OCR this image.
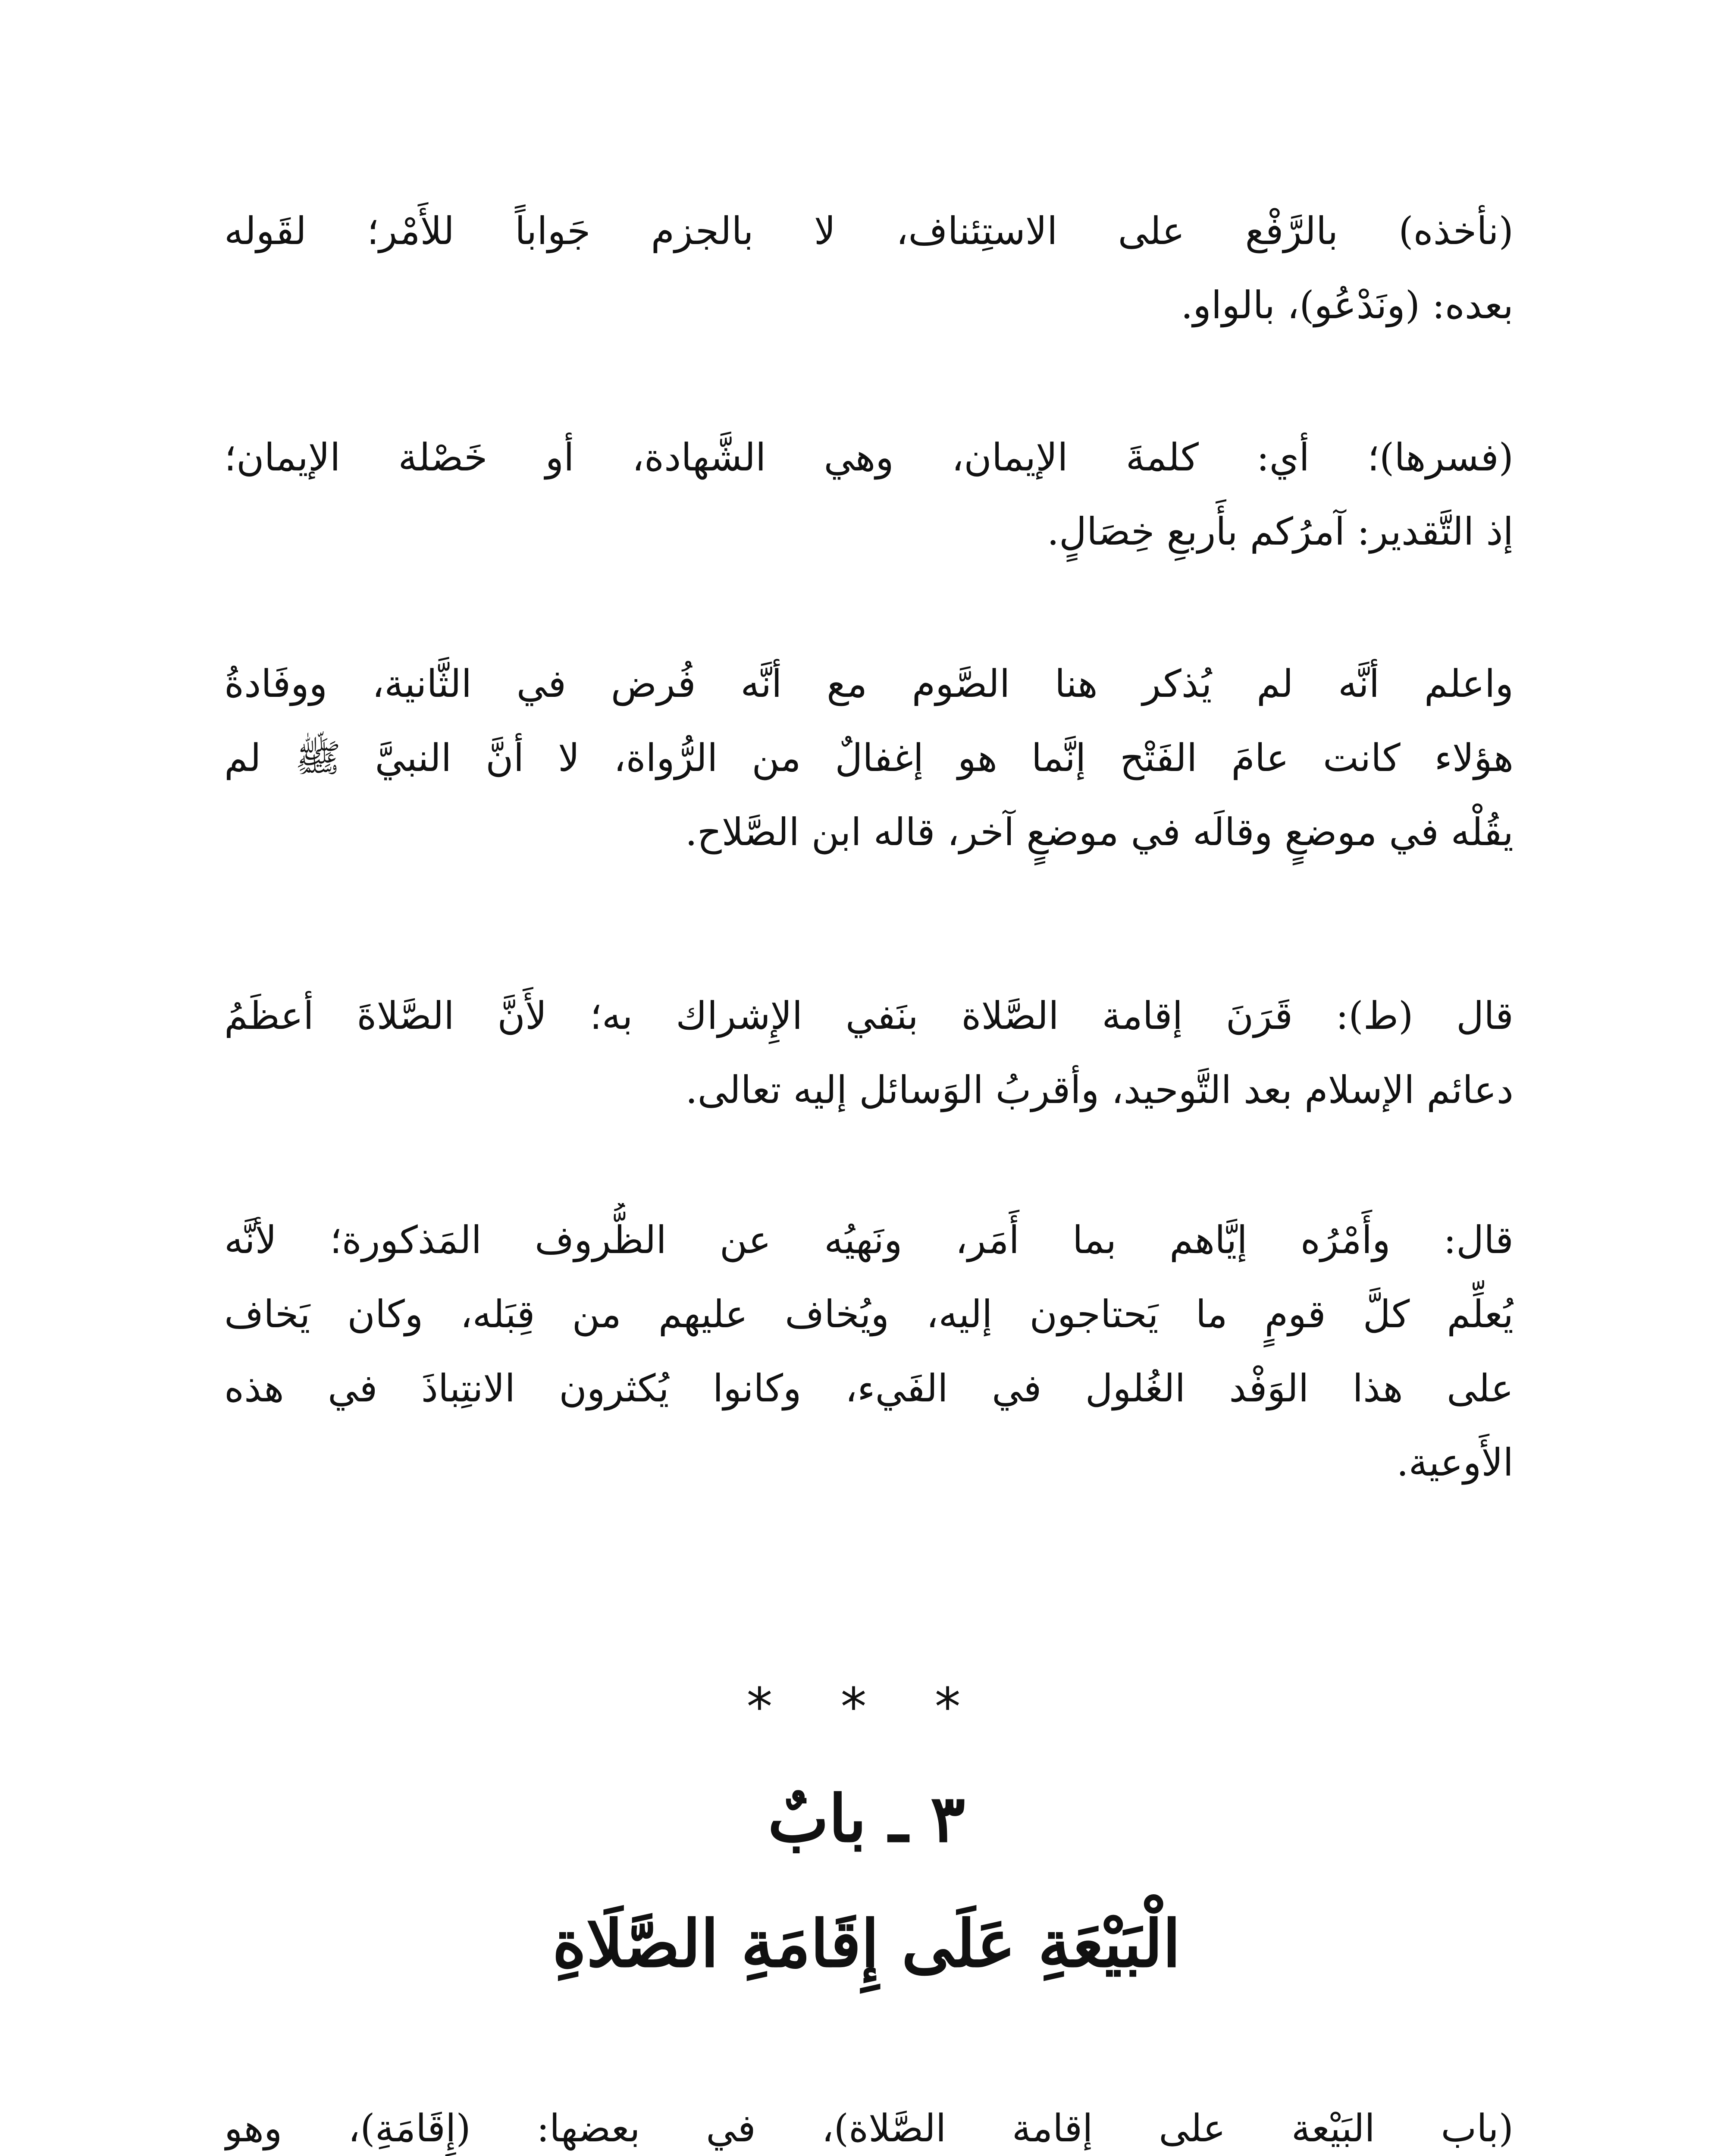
(نأخذه) بالرَّفْع على الاستِئناف، لا بالجزم جَواباً للأَمْر؛ لقَوله
بعده: (ونَدْعُو)، بالواو.
(فسرها)؛ أي: كلمةَ الإيمان، وهي الشَّهادة، أو خَصْلة الإيمان؛
إذ التَّقدير: آمرُكم بأَربعِ خِصَالٍ.
واعلم أنَّه لم يُذكر هنا الصَّوم مع أنَّه فُرض في الثَّانية، ووفَادةُ
هؤلاء كانت عامَ الفَتْح إنَّما هو إغفالٌ من الرُّواة، لا أنَّ النبيَّ ﷺ لم
يقُلْه في موضعٍ وقالَه في موضعٍ آخر، قاله ابن الصَّلاح.
قال (ط): قَرَنَ إقامة الصَّلاة بنَفي الإِشراك به؛ لأَنَّ الصَّلاةَ أعظَمُ
دعائم الإسلام بعد التَّوحيد، وأقربُ الوَسائل إليه تعالى.
قال: وأَمْرُه إيَّاهم بما أَمَر، ونَهيُه عن الظُّروف المَذكورة؛ لأنَّه
يُعلِّم كلَّ قومٍ ما يَحتاجون إليه، ويُخاف عليهم من قِبَله، وكان يَخاف
على هذا الوَفْد الغُلول في الفَيء، وكانوا يُكثرون الانتِباذَ في هذه
الأَوعية.
* * *
٣ ـ بابٌ
الْبَيْعَةِ عَلَى إِقَامَةِ الصَّلَاةِ
(باب البَيْعة على إقامة الصَّلاة)، في بعضها: (إِقَامَةِ)، وهو
